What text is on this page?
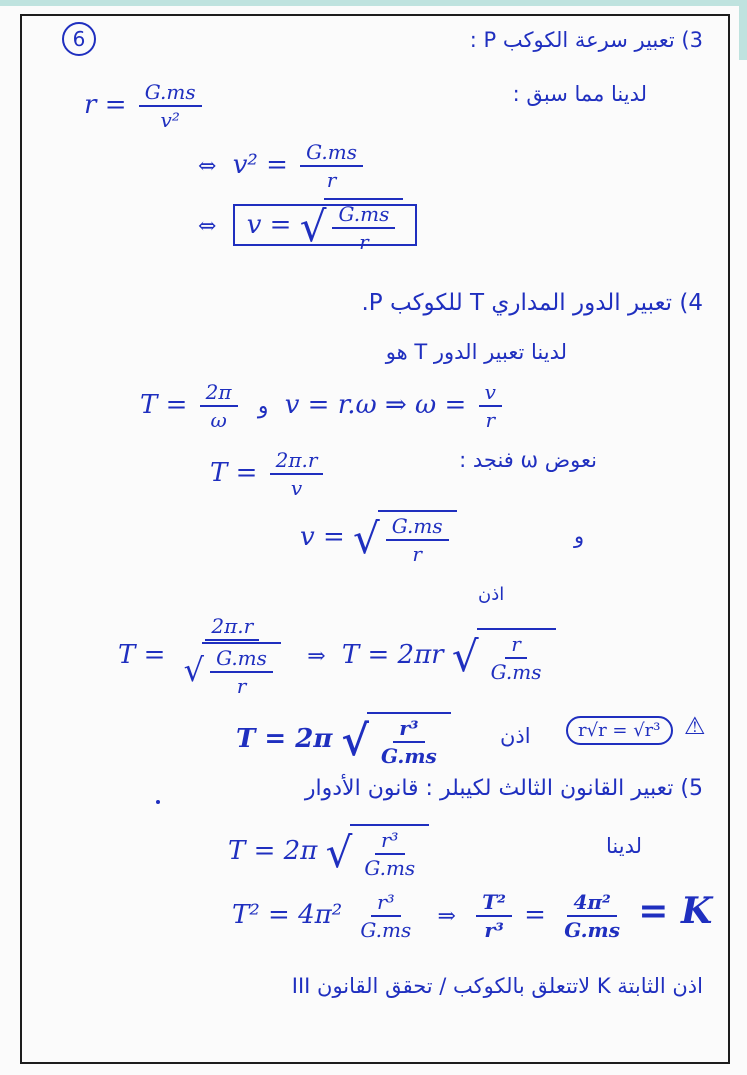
6	3) تعبير سرعة الكوكب P :
لدينا مما سبق :
$r = \frac{G.ms}{\text{v²}}$
⇔ $v^2 = \frac{G.ms}{r}$
⇔ v = √ $\frac{G.ms}{r}$
4) تعبير الدور المداري T للكوكب P.
لدينا تعبير الدور T هو
$T = \frac{2\pi}{\omega}$ و v = r.ω ⇒ $\omega = \frac{v}{r}$
نعوض ω فنجد :
$T = \frac{2\pi.r}{v}$
v = √ $\frac{G.ms}{r}$	و
اذن
$T = \frac{2\pi.r}{√ \frac{G.ms}{r}}$ ⇒ T = 2πr √ $\frac{r}{G.ms}$
T = 2π √ $\frac{\text{r³}}{G.ms}$	اذن	r√r = √r³ ⚠
5) تعبير القانون الثالث لكيبلر : قانون الأدوار
لدينا
T = 2π √ $\frac{\text{r³}}{G.ms}$
$T^2 = 4\pi^2 \frac{\text{r³}}{G.ms}$ ⇒ $\frac{\text{T²}}{\text{r³}} = \frac{\text{4π²}}{G.ms} = K$
اذن الثابتة K لاتتعلق بالكوكب / تحقق القانون III
